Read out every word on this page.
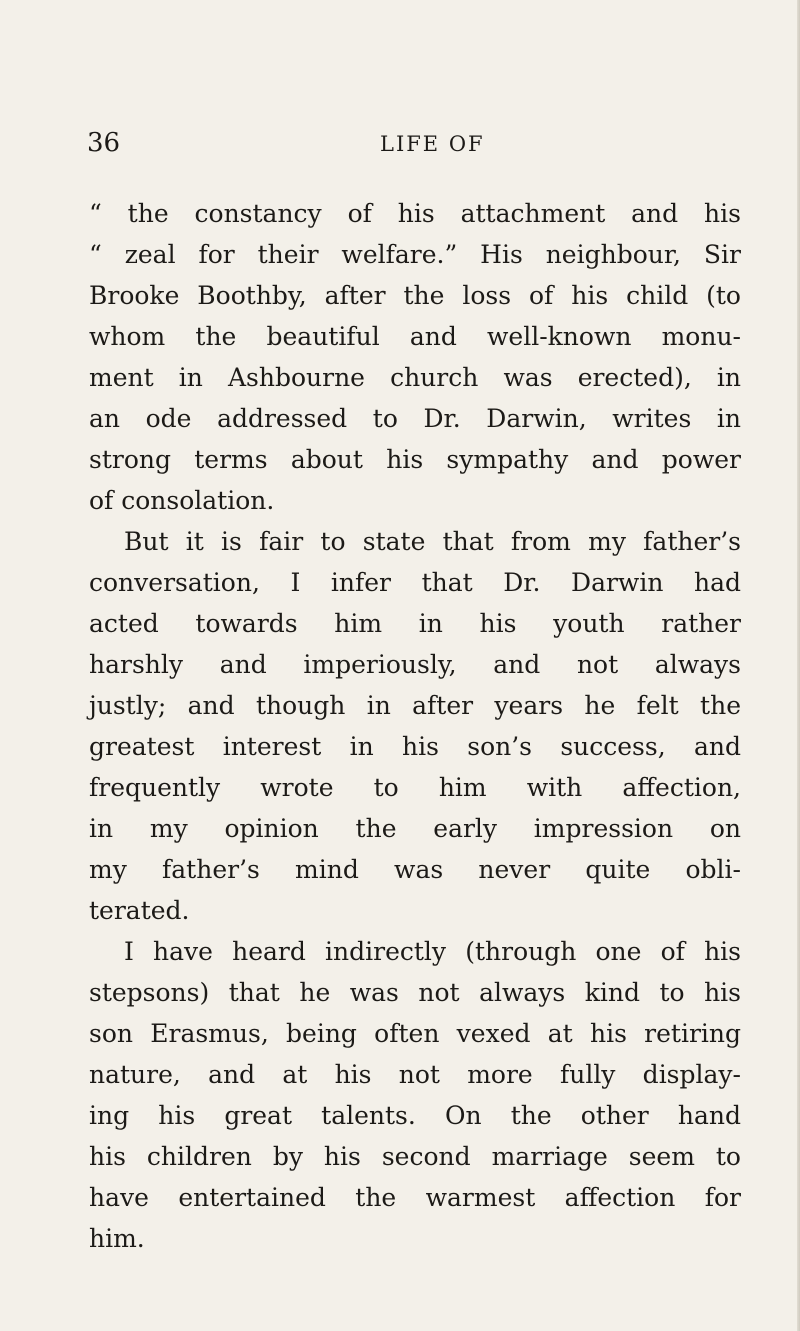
36	LIFE OF
“ the constancy of his attachment and his
“ zeal for their welfare.” His neighbour, Sir
Brooke Boothby, after the loss of his child (to
whom the beautiful and well-known monu-
ment in Ashbourne church was erected), in
an ode addressed to Dr. Darwin, writes in
strong terms about his sympathy and power
of consolation.
But it is fair to state that from my father’s
conversation, I infer that Dr. Darwin had
acted towards him in his youth rather
harshly and imperiously, and not always
justly; and though in after years he felt the
greatest interest in his son’s success, and
frequently wrote to him with affection,
in my opinion the early impression on
my father’s mind was never quite obli-
terated.
I have heard indirectly (through one of his
stepsons) that he was not always kind to his
son Erasmus, being often vexed at his retiring
nature, and at his not more fully display-
ing his great talents. On the other hand
his children by his second marriage seem to
have entertained the warmest affection for
him.
